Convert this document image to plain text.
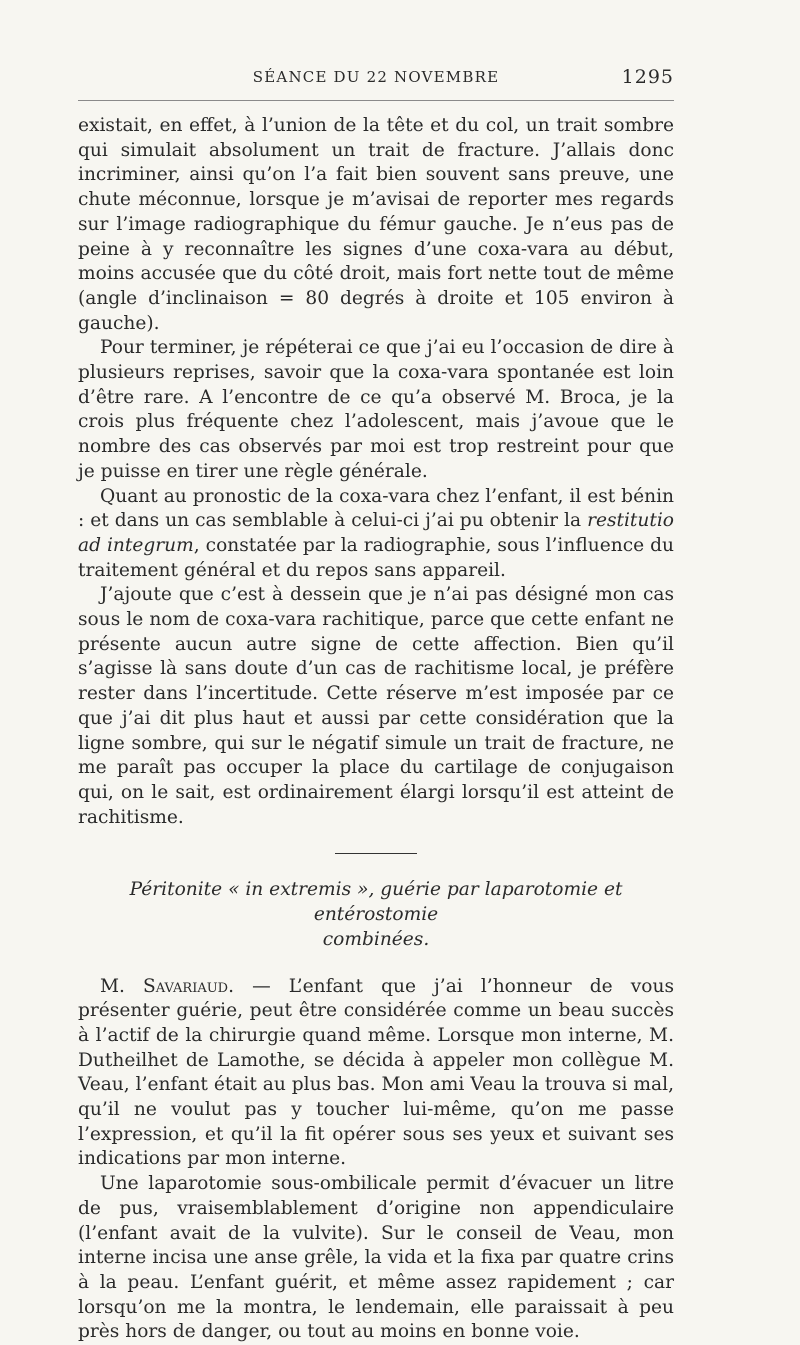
SÉANCE DU 22 NOVEMBRE	1295

existait, en effet, à l’union de la tête et du col, un trait sombre qui simulait absolument un trait de fracture. J’allais donc incriminer, ainsi qu’on l’a fait bien souvent sans preuve, une chute méconnue, lorsque je m’avisai de reporter mes regards sur l’image radiographique du fémur gauche. Je n’eus pas de peine à y reconnaître les signes d’une coxa-vara au début, moins accusée que du côté droit, mais fort nette tout de même (angle d’inclinaison = 80 degrés à droite et 105 environ à gauche).

Pour terminer, je répéterai ce que j’ai eu l’occasion de dire à plusieurs reprises, savoir que la coxa-vara spontanée est loin d’être rare. A l’encontre de ce qu’a observé M. Broca, je la crois plus fréquente chez l’adolescent, mais j’avoue que le nombre des cas observés par moi est trop restreint pour que je puisse en tirer une règle générale.

Quant au pronostic de la coxa-vara chez l’enfant, il est bénin : et dans un cas semblable à celui-ci j’ai pu obtenir la restitutio ad integrum, constatée par la radiographie, sous l’influence du traitement général et du repos sans appareil.

J’ajoute que c’est à dessein que je n’ai pas désigné mon cas sous le nom de coxa-vara rachitique, parce que cette enfant ne présente aucun autre signe de cette affection. Bien qu’il s’agisse là sans doute d’un cas de rachitisme local, je préfère rester dans l’incertitude. Cette réserve m’est imposée par ce que j’ai dit plus haut et aussi par cette considération que la ligne sombre, qui sur le négatif simule un trait de fracture, ne me paraît pas occuper la place du cartilage de conjugaison qui, on le sait, est ordinairement élargi lorsqu’il est atteint de rachitisme.

Péritonite « in extremis », guérie par laparotomie et entérostomie
combinées.

M. Savariaud. — L’enfant que j’ai l’honneur de vous présenter guérie, peut être considérée comme un beau succès à l’actif de la chirurgie quand même. Lorsque mon interne, M. Dutheilhet de Lamothe, se décida à appeler mon collègue M. Veau, l’enfant était au plus bas. Mon ami Veau la trouva si mal, qu’il ne voulut pas y toucher lui-même, qu’on me passe l’expression, et qu’il la fit opérer sous ses yeux et suivant ses indications par mon interne.

Une laparotomie sous-ombilicale permit d’évacuer un litre de pus, vraisemblablement d’origine non appendiculaire (l’enfant avait de la vulvite). Sur le conseil de Veau, mon interne incisa une anse grêle, la vida et la fixa par quatre crins à la peau. L’enfant guérit, et même assez rapidement ; car lorsqu’on me la montra, le lendemain, elle paraissait à peu près hors de danger, ou tout au moins en bonne voie.
